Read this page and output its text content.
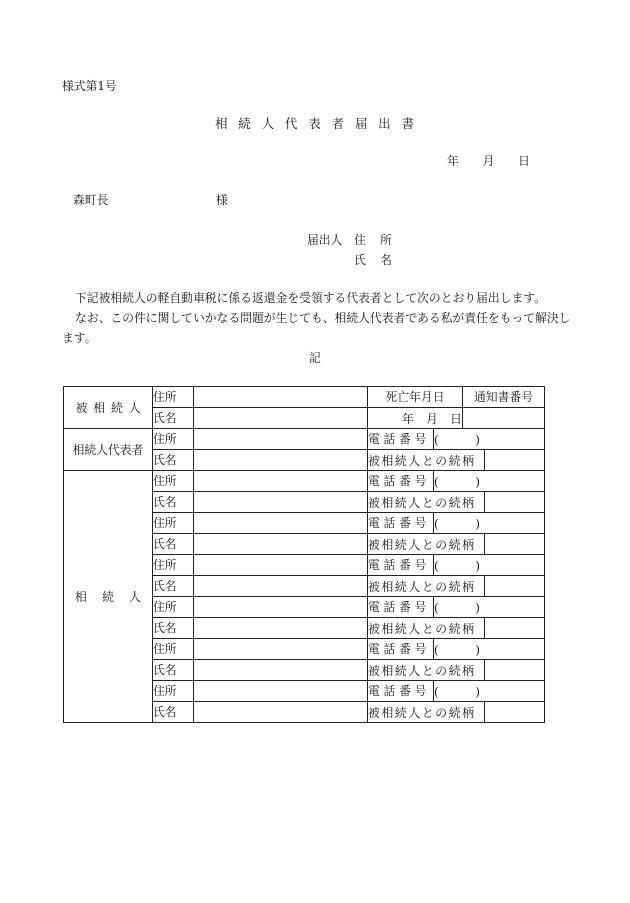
様式第1号
相 続 人 代 表 者 届 出 書
年 月 日
森町長	様
届出人 住 所
氏 名
下記被相続人の軽自動車税に係る返還金を受領する代表者として次のとおり届出します。
なお、この件に関していかなる問題が生じても、相続人代表者である私が責任をもって解決し
ます。
記
被 相 続 人	住所		死亡年月日		通知書番号	
	氏名		年 月 日			
相続人代表者	住所		電 話 番 号	( )		
	氏名		被相続人との続柄			
相 続 人	住所		電 話 番 号	( )		
	氏名		被相続人との続柄			
	住所		電 話 番 号	( )		
	氏名		被相続人との続柄			
	住所		電 話 番 号	( )		
	氏名		被相続人との続柄			
	住所		電 話 番 号	( )		
	氏名		被相続人との続柄			
	住所		電 話 番 号	( )		
	氏名		被相続人との続柄			
	住所		電 話 番 号	( )		
	氏名		被相続人との続柄			
